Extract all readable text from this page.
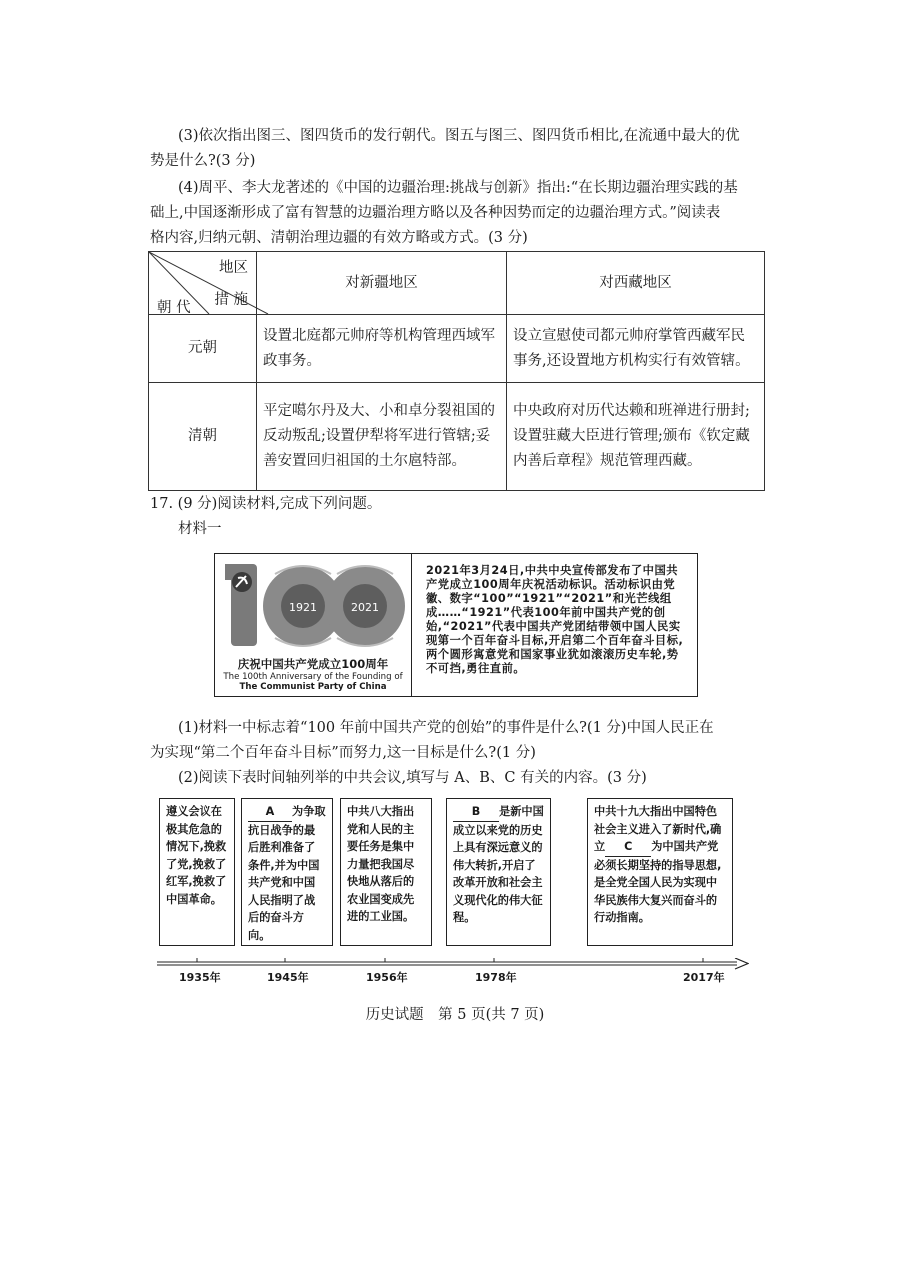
(3)依次指出图三、图四货币的发行朝代。图五与图三、图四货币相比,在流通中最大的优

势是什么?(3 分)

(4)周平、李大龙著述的《中国的边疆治理:挑战与创新》指出:“在长期边疆治理实践的基

础上,中国逐渐形成了富有智慧的边疆治理方略以及各种因势而定的边疆治理方式。”阅读表

格内容,归纳元朝、清朝治理边疆的有效方略或方式。(3 分)

地区
措 施
朝 代	对新疆地区	对西藏地区
元朝	设置北庭都元帅府等机构管理西域军政事务。	设立宣慰使司都元帅府掌管西藏军民事务,还设置地方机构实行有效管辖。
清朝	平定噶尔丹及大、小和卓分裂祖国的反动叛乱;设置伊犁将军进行管辖;妥善安置回归祖国的土尔扈特部。	中央政府对历代达赖和班禅进行册封;设置驻藏大臣进行管理;颁布《钦定藏内善后章程》规范管理西藏。

17. (9 分)阅读材料,完成下列问题。

材料一

1921	2021
庆祝中国共产党成立100周年
The 100th Anniversary of the Founding of
The Communist Party of China
2021年3月24日,中共中央宣传部发布了中国共产党成立100周年庆祝活动标识。活动标识由党徽、数字“100”“1921”“2021”和光芒线组成……“1921”代表100年前中国共产党的创始,“2021”代表中国共产党团结带领中国人民实现第一个百年奋斗目标,开启第二个百年奋斗目标,两个圆形寓意党和国家事业犹如滚滚历史车轮,势不可挡,勇往直前。

(1)材料一中标志着“100 年前中国共产党的创始”的事件是什么?(1 分)中国人民正在

为实现“第二个百年奋斗目标”而努力,这一目标是什么?(1 分)

(2)阅读下表时间轴列举的中共会议,填写与 A、B、C 有关的内容。(3 分)

遵义会议在极其危急的情况下,挽救了党,挽救了红军,挽救了中国革命。
A 为争取抗日战争的最后胜利准备了条件,并为中国共产党和中国人民指明了战后的奋斗方向。
中共八大指出党和人民的主要任务是集中力量把我国尽快地从落后的农业国变成先进的工业国。
B 是新中国成立以来党的历史上具有深远意义的伟大转折,开启了改革开放和社会主义现代化的伟大征程。
中共十九大指出中国特色社会主义进入了新时代,确立 C 为中国共产党必须长期坚持的指导思想,是全党全国人民为实现中华民族伟大复兴而奋斗的行动指南。
1935年	1945年	1956年	1978年	2017年
历史试题　第 5 页(共 7 页)
